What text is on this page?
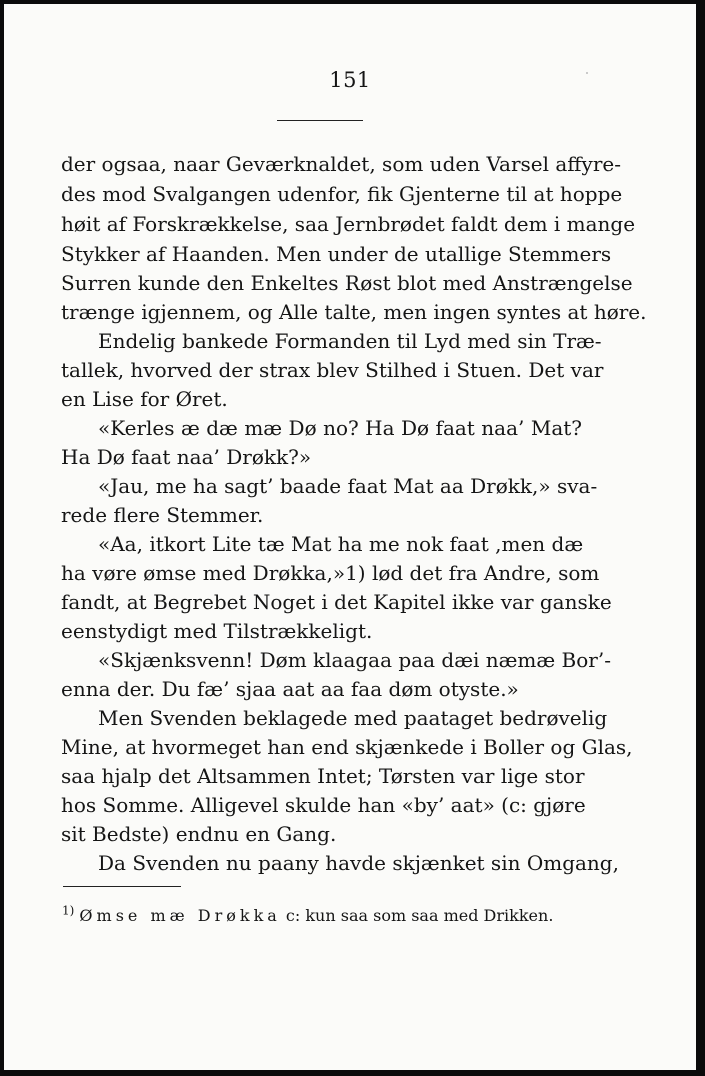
151
der ogsaa, naar Geværknaldet, som uden Varsel affyre-
des mod Svalgangen udenfor, fik Gjenterne til at hoppe
høit af Forskrækkelse, saa Jernbrødet faldt dem i mange
Stykker af Haanden. Men under de utallige Stemmers
Surren kunde den Enkeltes Røst blot med Anstrængelse
trænge igjennem, og Alle talte, men ingen syntes at høre.
Endelig bankede Formanden til Lyd med sin Træ-
tallek, hvorved der strax blev Stilhed i Stuen. Det var
en Lise for Øret.
«Kerles æ dæ mæ Dø no? Ha Dø faat naa’ Mat?
Ha Dø faat naa’ Drøkk?»
«Jau, me ha sagt’ baade faat Mat aa Drøkk,» sva-
rede flere Stemmer.
«Aa, itkort Lite tæ Mat ha me nok faat ,men dæ
ha vøre ømse med Drøkka,»1) lød det fra Andre, som
fandt, at Begrebet Noget i det Kapitel ikke var ganske
eenstydigt med Tilstrækkeligt.
«Skjænksvenn! Døm klaagaa paa dæi næmæ Bor’-
enna der. Du fæ’ sjaa aat aa faa døm otyste.»
Men Svenden beklagede med paataget bedrøvelig
Mine, at hvormeget han end skjænkede i Boller og Glas,
saa hjalp det Altsammen Intet; Tørsten var lige stor
hos Somme. Alligevel skulde han «by’ aat» (c: gjøre
sit Bedste) endnu en Gang.
Da Svenden nu paany havde skjænket sin Omgang,
$^{1)}$ Ømse mæ Drøkka c: kun saa som saa med Drikken.
